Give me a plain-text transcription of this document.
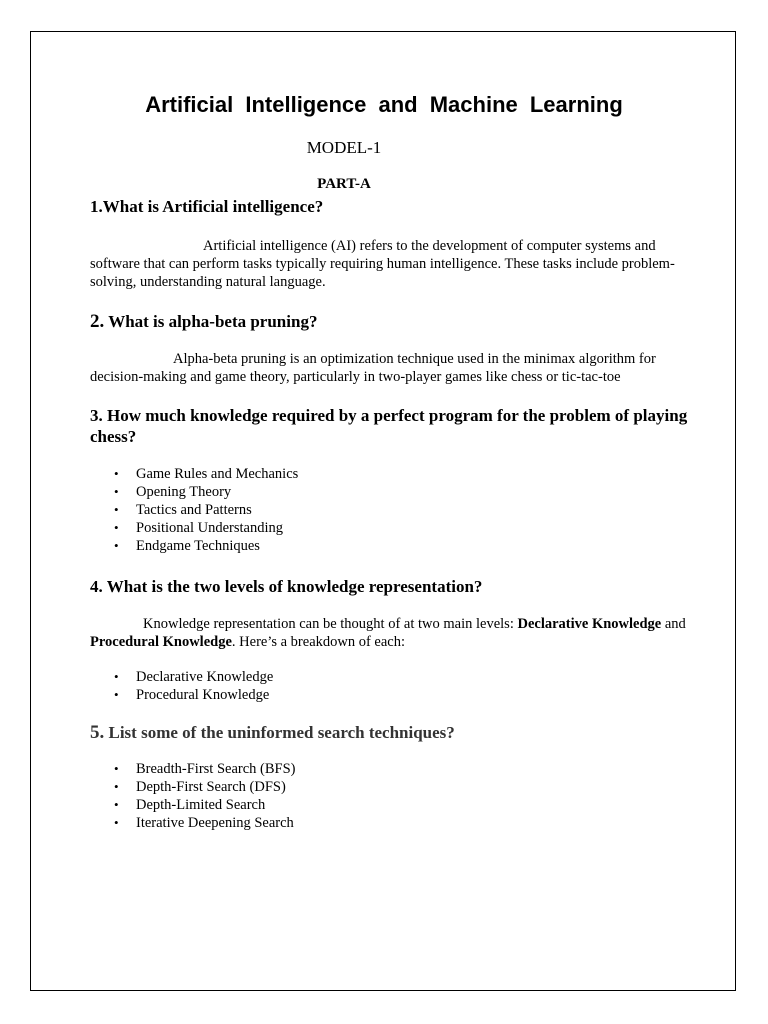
Artificial Intelligence and Machine Learning
MODEL-1
PART-A

1.What is Artificial intelligence?

Artificial intelligence (AI) refers to the development of computer systems and software that can perform tasks typically requiring human intelligence. These tasks include problem-solving, understanding natural language.

2. What is alpha-beta pruning?

Alpha-beta pruning is an optimization technique used in the minimax algorithm for decision-making and game theory, particularly in two-player games like chess or tic-tac-toe

3. How much knowledge required by a perfect program for the problem of playing chess?

• Game Rules and Mechanics
• Opening Theory
• Tactics and Patterns
• Positional Understanding
• Endgame Techniques

4. What is the two levels of knowledge representation?

Knowledge representation can be thought of at two main levels: Declarative Knowledge and Procedural Knowledge. Here’s a breakdown of each:

• Declarative Knowledge
• Procedural Knowledge

5. List some of the uninformed search techniques?

• Breadth-First Search (BFS)
• Depth-First Search (DFS)
• Depth-Limited Search
• Iterative Deepening Search
